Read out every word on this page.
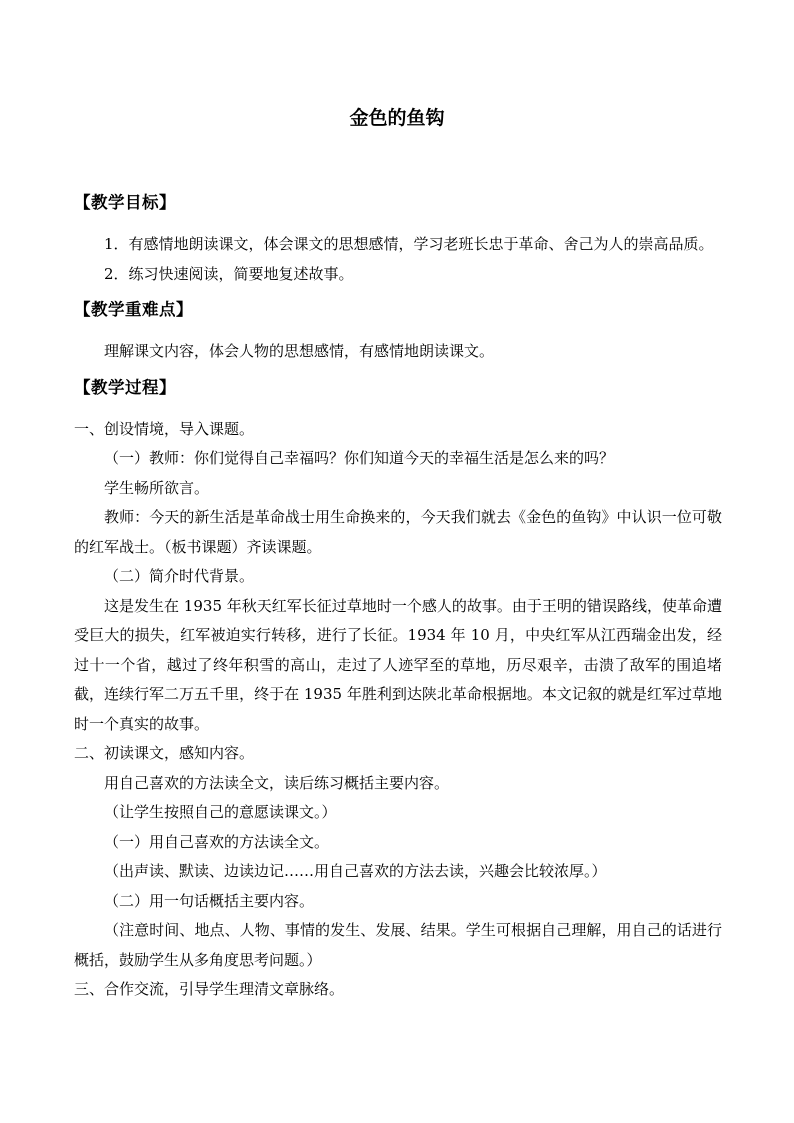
金色的鱼钩
【教学目标】

1．有感情地朗读课文，体会课文的思想感情，学习老班长忠于革命、舍己为人的崇高品质。

2．练习快速阅读，简要地复述故事。

【教学重难点】

理解课文内容，体会人物的思想感情，有感情地朗读课文。

【教学过程】

一、创设情境，导入课题。

（一）教师：你们觉得自己幸福吗？你们知道今天的幸福生活是怎么来的吗？

学生畅所欲言。

教师：今天的新生活是革命战士用生命换来的，今天我们就去《金色的鱼钩》中认识一位可敬的红军战士。（板书课题）齐读课题。

（二）简介时代背景。

这是发生在 1935 年秋天红军长征过草地时一个感人的故事。由于王明的错误路线，使革命遭受巨大的损失，红军被迫实行转移，进行了长征。1934 年 10 月，中央红军从江西瑞金出发，经过十一个省，越过了终年积雪的高山，走过了人迹罕至的草地，历尽艰辛，击溃了敌军的围追堵截，连续行军二万五千里，终于在 1935 年胜利到达陕北革命根据地。本文记叙的就是红军过草地时一个真实的故事。

二、初读课文，感知内容。

用自己喜欢的方法读全文，读后练习概括主要内容。

（让学生按照自己的意愿读课文。）

（一）用自己喜欢的方法读全文。

（出声读、默读、边读边记……用自己喜欢的方法去读，兴趣会比较浓厚。）

（二）用一句话概括主要内容。

（注意时间、地点、人物、事情的发生、发展、结果。学生可根据自己理解，用自己的话进行概括，鼓励学生从多角度思考问题。）

三、合作交流，引导学生理清文章脉络。
